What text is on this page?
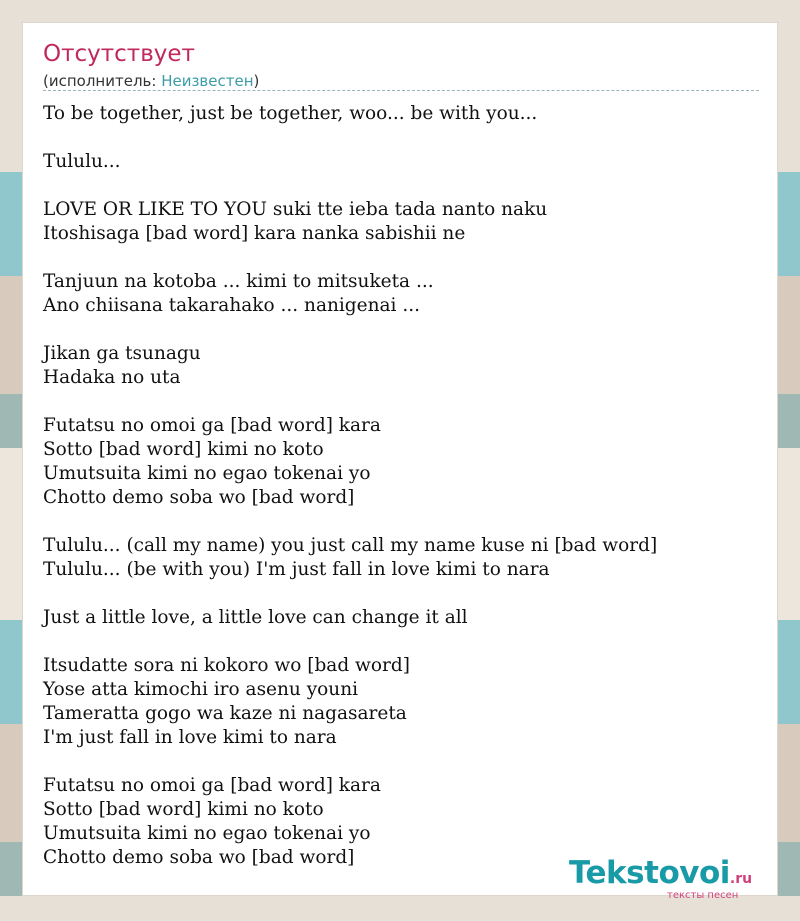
Отсутствует
(исполнитель: Неизвестен)
To be together, just be together, woo... be with you...
Tululu...
LOVE OR LIKE TO YOU suki tte ieba tada nanto naku
Itoshisaga [bad word] kara nanka sabishii ne
Tanjuun na kotoba ... kimi to mitsuketa ...
Ano chiisana takarahako ... nanigenai ...
Jikan ga tsunagu
Hadaka no uta
Futatsu no omoi ga [bad word] kara
Sotto [bad word] kimi no koto
Umutsuita kimi no egao tokenai yo
Chotto demo soba wo [bad word]
Tululu... (call my name) you just call my name kuse ni [bad word]
Tululu... (be with you) I'm just fall in love kimi to nara
Just a little love, a little love can change it all
Itsudatte sora ni kokoro wo [bad word]
Yose atta kimochi iro asenu youni
Tameratta gogo wa kaze ni nagasareta
I'm just fall in love kimi to nara
Futatsu no omoi ga [bad word] kara
Sotto [bad word] kimi no koto
Umutsuita kimi no egao tokenai yo
Chotto demo soba wo [bad word]	Tekstovoi.ru
тексты песен
